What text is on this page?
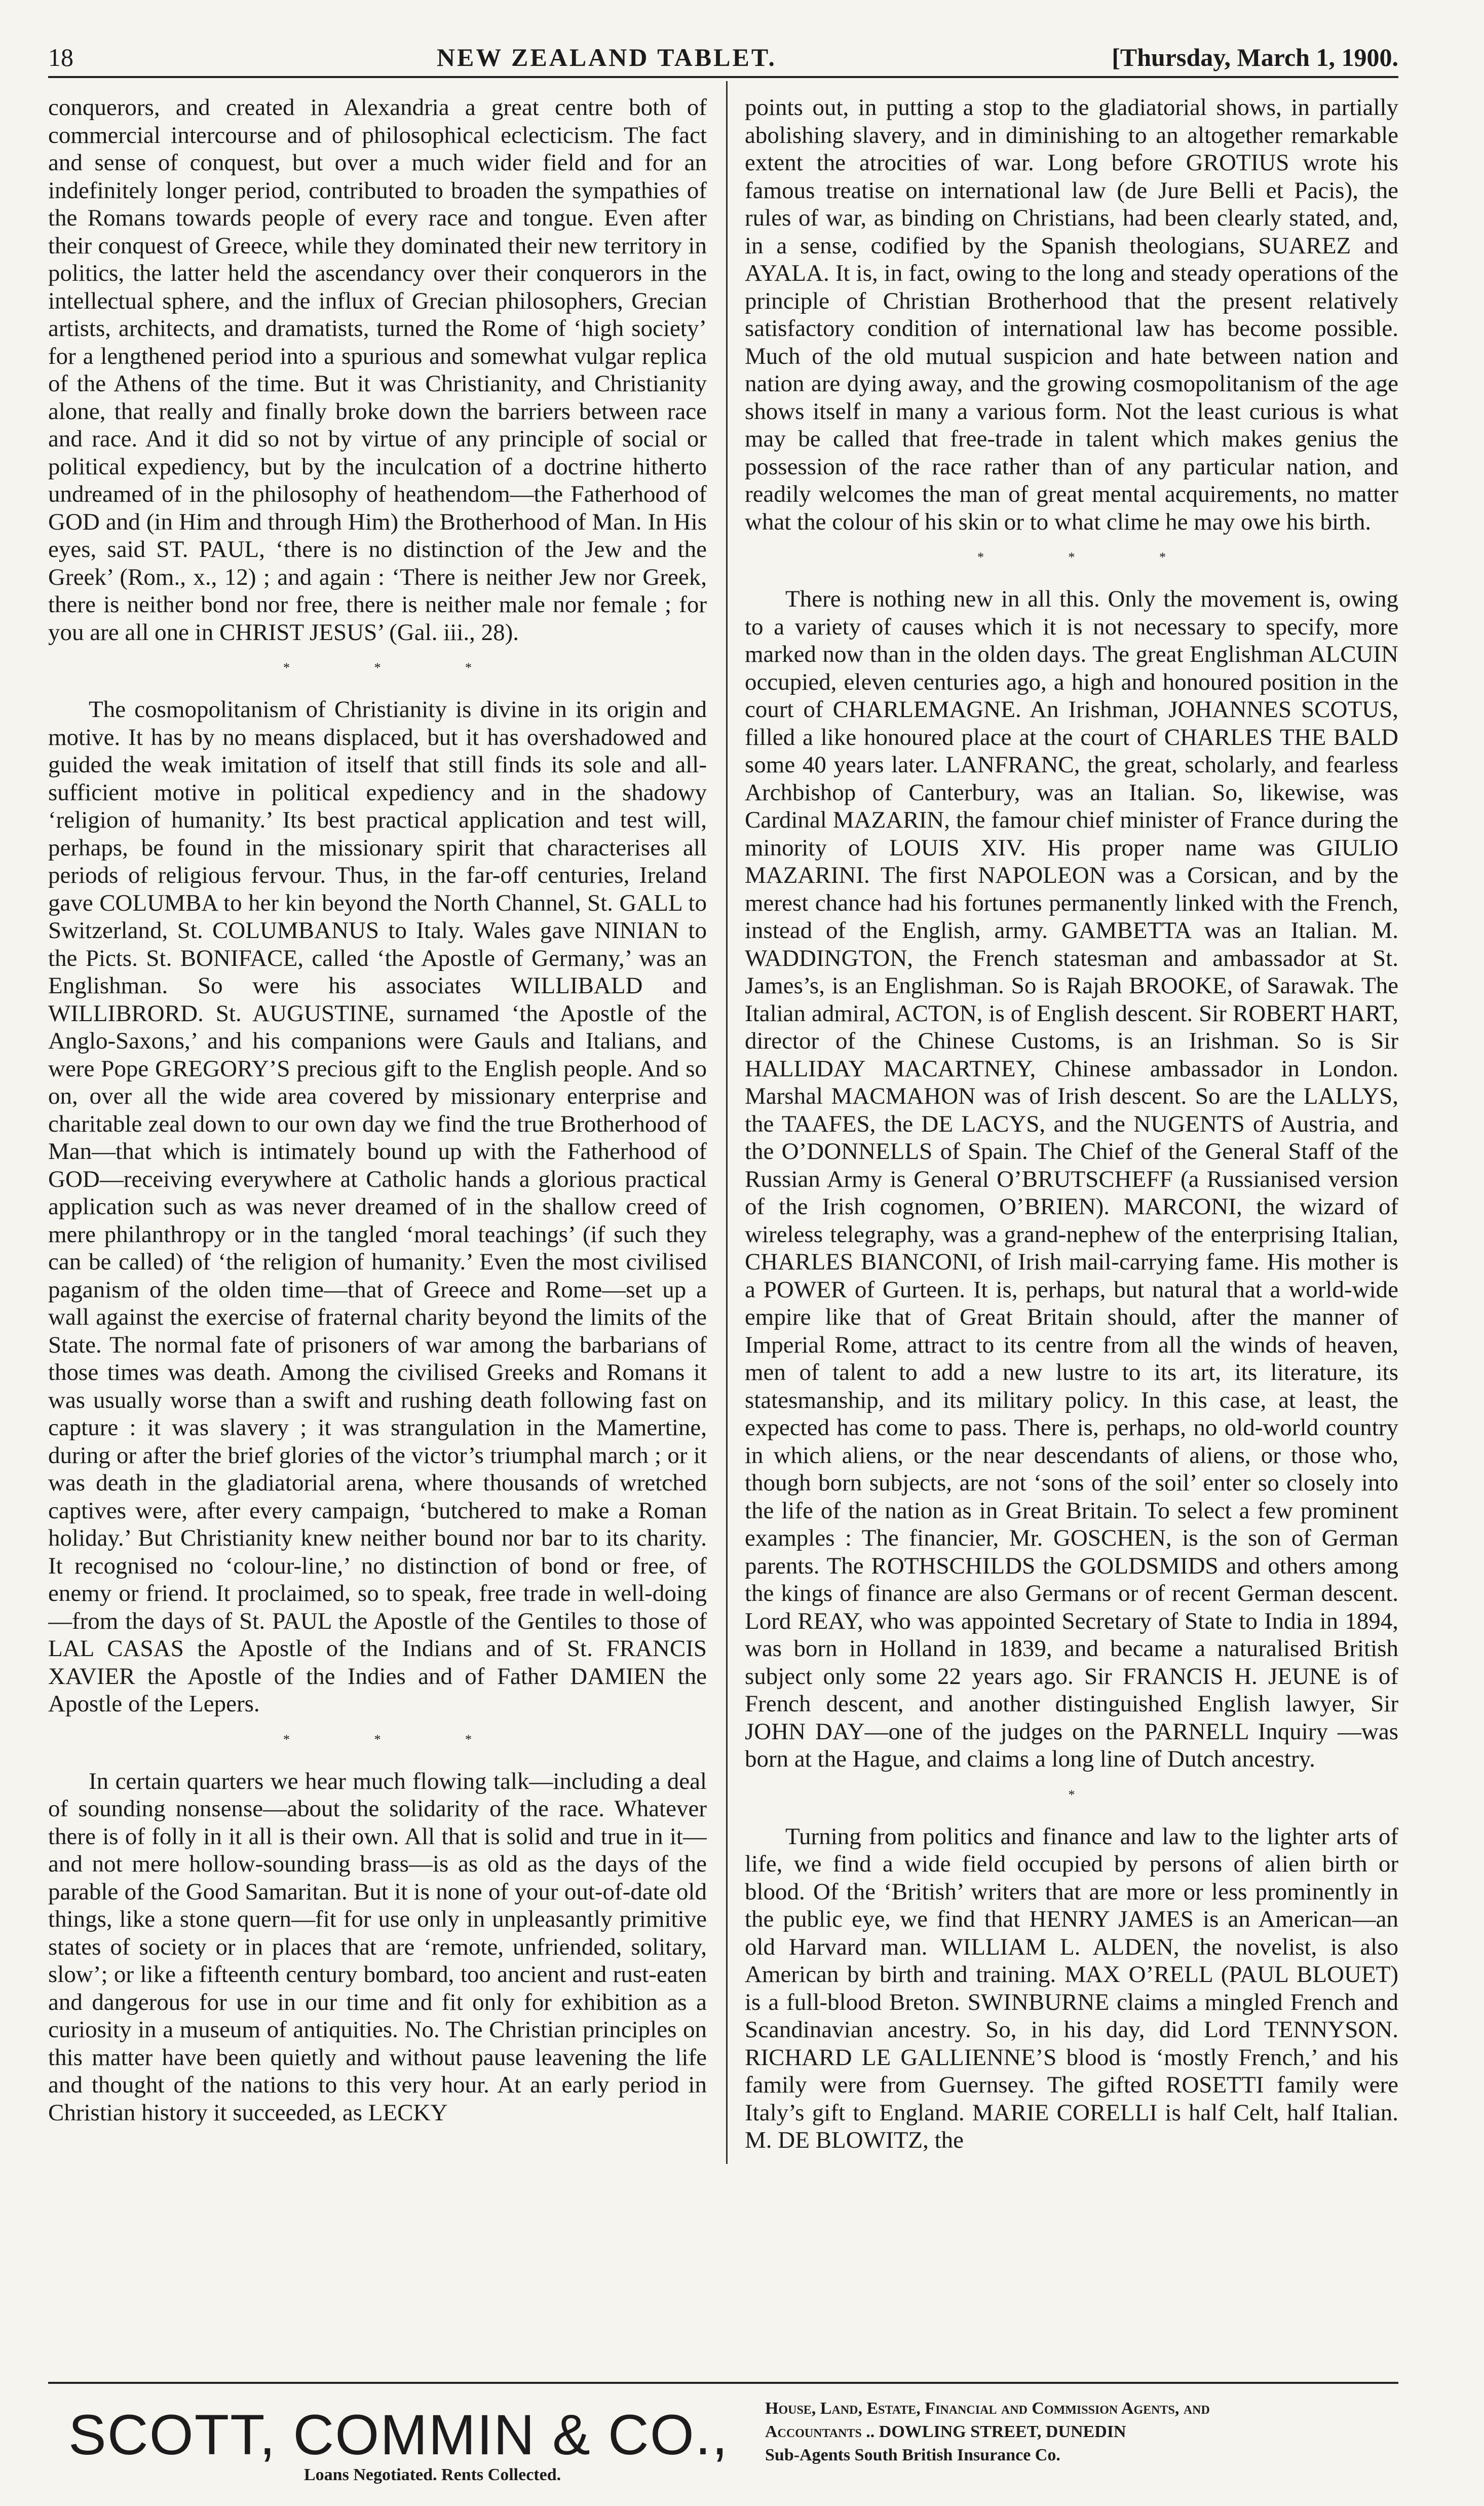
18	NEW ZEALAND TABLET.	[Thursday, March 1, 1900.

conquerors, and created in Alexandria a great centre both of commercial intercourse and of philosophical eclecticism. The fact and sense of conquest, but over a much wider field and for an indefinitely longer period, contributed to broaden the sympathies of the Romans towards people of every race and tongue. Even after their conquest of Greece, while they dominated their new territory in politics, the latter held the ascendancy over their conquerors in the intellectual sphere, and the influx of Grecian philosophers, Grecian artists, architects, and dramatists, turned the Rome of ‘high society’ for a lengthened period into a spurious and somewhat vulgar replica of the Athens of the time. But it was Christianity, and Christianity alone, that really and finally broke down the barriers between race and race. And it did so not by virtue of any principle of social or political expediency, but by the inculcation of a doctrine hitherto undreamed of in the philosophy of heathendom—the Fatherhood of GOD and (in Him and through Him) the Brotherhood of Man. In His eyes, said ST. PAUL, ‘there is no distinction of the Jew and the Greek’ (Rom., x., 12) ; and again : ‘There is neither Jew nor Greek, there is neither bond nor free, there is neither male nor female ; for you are all one in CHRIST JESUS’ (Gal. iii., 28).

* * *

The cosmopolitanism of Christianity is divine in its origin and motive. It has by no means displaced, but it has overshadowed and guided the weak imitation of itself that still finds its sole and all-sufficient motive in political expediency and in the shadowy ‘religion of humanity.’ Its best practical application and test will, perhaps, be found in the missionary spirit that characterises all periods of religious fervour. Thus, in the far-off centuries, Ireland gave COLUMBA to her kin beyond the North Channel, St. GALL to Switzerland, St. COLUMBANUS to Italy. Wales gave NINIAN to the Picts. St. BONIFACE, called ‘the Apostle of Germany,’ was an Englishman. So were his associates WILLIBALD and WILLIBRORD. St. AUGUSTINE, surnamed ‘the Apostle of the Anglo-Saxons,’ and his companions were Gauls and Italians, and were Pope GREGORY’S precious gift to the English people. And so on, over all the wide area covered by missionary enterprise and charitable zeal down to our own day we find the true Brotherhood of Man—that which is intimately bound up with the Fatherhood of GOD—receiving everywhere at Catholic hands a glorious practical application such as was never dreamed of in the shallow creed of mere philanthropy or in the tangled ‘moral teachings’ (if such they can be called) of ‘the religion of humanity.’ Even the most civilised paganism of the olden time—that of Greece and Rome—set up a wall against the exercise of fraternal charity beyond the limits of the State. The normal fate of prisoners of war among the barbarians of those times was death. Among the civilised Greeks and Romans it was usually worse than a swift and rushing death following fast on capture : it was slavery ; it was strangulation in the Mamertine, during or after the brief glories of the victor’s triumphal march ; or it was death in the gladiatorial arena, where thousands of wretched captives were, after every campaign, ‘butchered to make a Roman holiday.’ But Christianity knew neither bound nor bar to its charity. It recognised no ‘colour-line,’ no distinction of bond or free, of enemy or friend. It proclaimed, so to speak, free trade in well-doing—from the days of St. PAUL the Apostle of the Gentiles to those of LAL CASAS the Apostle of the Indians and of St. FRANCIS XAVIER the Apostle of the Indies and of Father DAMIEN the Apostle of the Lepers.

* * *

In certain quarters we hear much flowing talk—including a deal of sounding nonsense—about the solidarity of the race. Whatever there is of folly in it all is their own. All that is solid and true in it—and not mere hollow-sounding brass—is as old as the days of the parable of the Good Samaritan. But it is none of your out-of-date old things, like a stone quern—fit for use only in unpleasantly primitive states of society or in places that are ‘remote, unfriended, solitary, slow’; or like a fifteenth century bombard, too ancient and rust-eaten and dangerous for use in our time and fit only for exhibition as a curiosity in a museum of antiquities. No. The Christian principles on this matter have been quietly and without pause leavening the life and thought of the nations to this very hour. At an early period in Christian history it succeeded, as LECKY

points out, in putting a stop to the gladiatorial shows, in partially abolishing slavery, and in diminishing to an altogether remarkable extent the atrocities of war. Long before GROTIUS wrote his famous treatise on international law (de Jure Belli et Pacis), the rules of war, as binding on Christians, had been clearly stated, and, in a sense, codified by the Spanish theologians, SUAREZ and AYALA. It is, in fact, owing to the long and steady operations of the principle of Christian Brotherhood that the present relatively satisfactory condition of international law has become possible. Much of the old mutual suspicion and hate between nation and nation are dying away, and the growing cosmopolitanism of the age shows itself in many a various form. Not the least curious is what may be called that free-trade in talent which makes genius the possession of the race rather than of any particular nation, and readily welcomes the man of great mental acquirements, no matter what the colour of his skin or to what clime he may owe his birth.

* * *

There is nothing new in all this. Only the movement is, owing to a variety of causes which it is not necessary to specify, more marked now than in the olden days. The great Englishman ALCUIN occupied, eleven centuries ago, a high and honoured position in the court of CHARLEMAGNE. An Irishman, JOHANNES SCOTUS, filled a like honoured place at the court of CHARLES THE BALD some 40 years later. LANFRANC, the great, scholarly, and fearless Archbishop of Canterbury, was an Italian. So, likewise, was Cardinal MAZARIN, the famour chief minister of France during the minority of LOUIS XIV. His proper name was GIULIO MAZARINI. The first NAPOLEON was a Corsican, and by the merest chance had his fortunes permanently linked with the French, instead of the English, army. GAMBETTA was an Italian. M. WADDINGTON, the French statesman and ambassador at St. James’s, is an Englishman. So is Rajah BROOKE, of Sarawak. The Italian admiral, ACTON, is of English descent. Sir ROBERT HART, director of the Chinese Customs, is an Irishman. So is Sir HALLIDAY MACARTNEY, Chinese ambassador in London. Marshal MACMAHON was of Irish descent. So are the LALLYS, the TAAFES, the DE LACYS, and the NUGENTS of Austria, and the O’DONNELLS of Spain. The Chief of the General Staff of the Russian Army is General O’BRUTSCHEFF (a Russianised version of the Irish cognomen, O’BRIEN). MARCONI, the wizard of wireless telegraphy, was a grand-nephew of the enterprising Italian, CHARLES BIANCONI, of Irish mail-carrying fame. His mother is a POWER of Gurteen. It is, perhaps, but natural that a world-wide empire like that of Great Britain should, after the manner of Imperial Rome, attract to its centre from all the winds of heaven, men of talent to add a new lustre to its art, its literature, its statesmanship, and its military policy. In this case, at least, the expected has come to pass. There is, perhaps, no old-world country in which aliens, or the near descendants of aliens, or those who, though born subjects, are not ‘sons of the soil’ enter so closely into the life of the nation as in Great Britain. To select a few prominent examples : The financier, Mr. GOSCHEN, is the son of German parents. The ROTHSCHILDS the GOLDSMIDS and others among the kings of finance are also Germans or of recent German descent. Lord REAY, who was appointed Secretary of State to India in 1894, was born in Holland in 1839, and became a naturalised British subject only some 22 years ago. Sir FRANCIS H. JEUNE is of French descent, and another distinguished English lawyer, Sir JOHN DAY—one of the judges on the PARNELL Inquiry —was born at the Hague, and claims a long line of Dutch ancestry.

*

Turning from politics and finance and law to the lighter arts of life, we find a wide field occupied by persons of alien birth or blood. Of the ‘British’ writers that are more or less prominently in the public eye, we find that HENRY JAMES is an American—an old Harvard man. WILLIAM L. ALDEN, the novelist, is also American by birth and training. MAX O’RELL (PAUL BLOUET) is a full-blood Breton. SWINBURNE claims a mingled French and Scandinavian ancestry. So, in his day, did Lord TENNYSON. RICHARD LE GALLIENNE’S blood is ‘mostly French,’ and his family were from Guernsey. The gifted ROSETTI family were Italy’s gift to England. MARIE CORELLI is half Celt, half Italian. M. DE BLOWITZ, the

SCOTT, COMMIN & CO.,
Loans Negotiated. Rents Collected.
House, Land, Estate, Financial and Commission Agents, and
Accountants .. DOWLING STREET, DUNEDIN
Sub-Agents South British Insurance Co.
